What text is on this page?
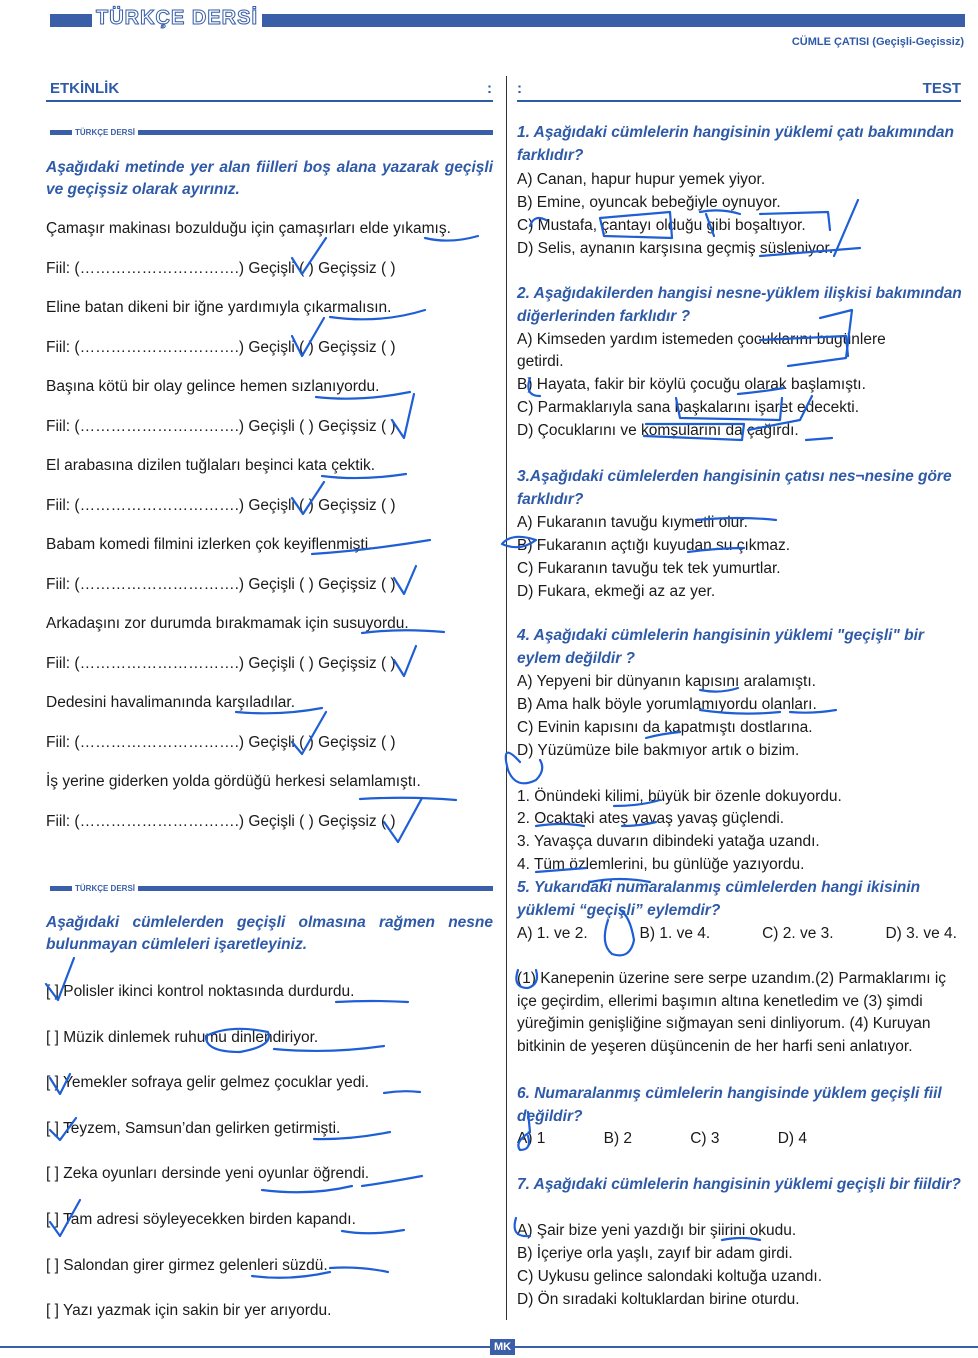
TÜRKÇE DERSİ
CÜMLE ÇATISI (Geçişli-Geçissiz)
ETKİNLİK	: :	TEST
TÜRKÇE DERSİ
Aşağıdaki metinde yer alan fiilleri boş alana yazarak geçişli ve geçişsiz olarak ayırınız.
Çamaşır makinası bozulduğu için çamaşırları elde yıkamış.
Fiil: (………………………….) Geçişli ( ) Geçişsiz ( )
Eline batan dikeni bir iğne yardımıyla çıkarmalısın.
Fiil: (………………………….) Geçişli ( ) Geçişsiz ( )
Başına kötü bir olay gelince hemen sızlanıyordu.
Fiil: (………………………….) Geçişli ( ) Geçişsiz ( )
El arabasına dizilen tuğlaları beşinci kata çektik.
Fiil: (………………………….) Geçişli ( ) Geçişsiz ( )
Babam komedi filmini izlerken çok keyiflenmişti.
Fiil: (………………………….) Geçişli ( ) Geçişsiz ( )
Arkadaşını zor durumda bırakmamak için susuyordu.
Fiil: (………………………….) Geçişli ( ) Geçişsiz ( )
Dedesini havalimanında karşıladılar.
Fiil: (………………………….) Geçişli ( ) Geçişsiz ( )
İş yerine giderken yolda gördüğü herkesi selamlamıştı.
Fiil: (………………………….) Geçişli ( ) Geçişsiz ( )
TÜRKÇE DERSİ
Aşağıdaki cümlelerden geçişli olmasına rağmen nesne bulunmayan cümleleri işaretleyiniz.
[ ] Polisler ikinci kontrol noktasında durdurdu.
[ ] Müzik dinlemek ruhumu dinlendiriyor.
[ ] Yemekler sofraya gelir gelmez çocuklar yedi.
[ ] Teyzem, Samsun’dan gelirken getirmişti.
[ ] Zeka oyunları dersinde yeni oyunlar öğrendi.
[ ] Tam adresi söyleyecekken birden kapandı.
[ ] Salondan girer girmez gelenleri süzdü.
[ ] Yazı yazmak için sakin bir yer arıyordu.
1. Aşağıdaki cümlelerin hangisinin yüklemi çatı bakımından farklıdır?
A) Canan, hapur hupur yemek yiyor.
B) Emine, oyuncak bebeğiyle oynuyor.
C) Mustafa, çantayı olduğu gibi boşaltıyor.
D) Selis, aynanın karşısına geçmiş süsleniyor.
2. Aşağıdakilerden hangisi nesne-yüklem ilişkisi bakımından diğerlerinden farklıdır ?
A) Kimseden yardım istemeden çocuklarını bugünlere
getirdi.
B) Hayata, fakir bir köylü çocuğu olarak başlamıştı.
C) Parmaklarıyla sana başkalarını işaret edecekti.
D) Çocuklarını ve komşularını da çağırdı.
3.Aşağıdaki cümlelerden hangisinin çatısı nes¬nesine göre farklıdır?
A) Fukaranın tavuğu kıymetli olur.
B) Fukaranın açtığı kuyudan su çıkmaz.
C) Fukaranın tavuğu tek tek yumurtlar.
D) Fukara, ekmeği az az yer.
4. Aşağıdaki cümlelerin hangisinin yüklemi "geçişli" bir eylem değildir ?
A) Yepyeni bir dünyanın kapısını aralamıştı.
B) Ama halk böyle yorumlamıyordu olanları.
C) Evinin kapısını da kapatmıştı dostlarına.
D) Yüzümüze bile bakmıyor artık o bizim.
1. Önündeki kilimi, büyük bir özenle dokuyordu.
2. Ocaktaki ateş yavaş yavaş güçlendi.
3. Yavaşça duvarın dibindeki yatağa uzandı.
4. Tüm özlemlerini, bu günlüğe yazıyordu.
5. Yukarıdaki numaralanmış cümlelerden hangi ikisinin yüklemi “geçişli” eylemdir?
A) 1. ve 2.	B) 1. ve 4.	C) 2. ve 3.	D) 3. ve 4.
(1) Kanepenin üzerine sere serpe uzandım.(2) Parmaklarımı iç içe geçirdim, ellerimi başımın altına kenetledim ve (3) şimdi yüreğimin genişliğine sığmayan seni dinliyorum. (4) Kuruyan bitkinin de yeşeren düşüncenin de her harfi seni anlatıyor.
6. Numaralanmış cümlelerin hangisinde yüklem geçişli fiil değildir?
A) 1	B) 2	C) 3	D) 4
7. Aşağıdaki cümlelerin hangisinin yüklemi geçişli bir fiildir?
A) Şair bize yeni yazdığı bir şiirini okudu.
B) İçeriye orla yaşlı, zayıf bir adam girdi.
C) Uykusu gelince salondaki koltuğa uzandı.
D) Ön sıradaki koltuklardan birine oturdu.
MK
